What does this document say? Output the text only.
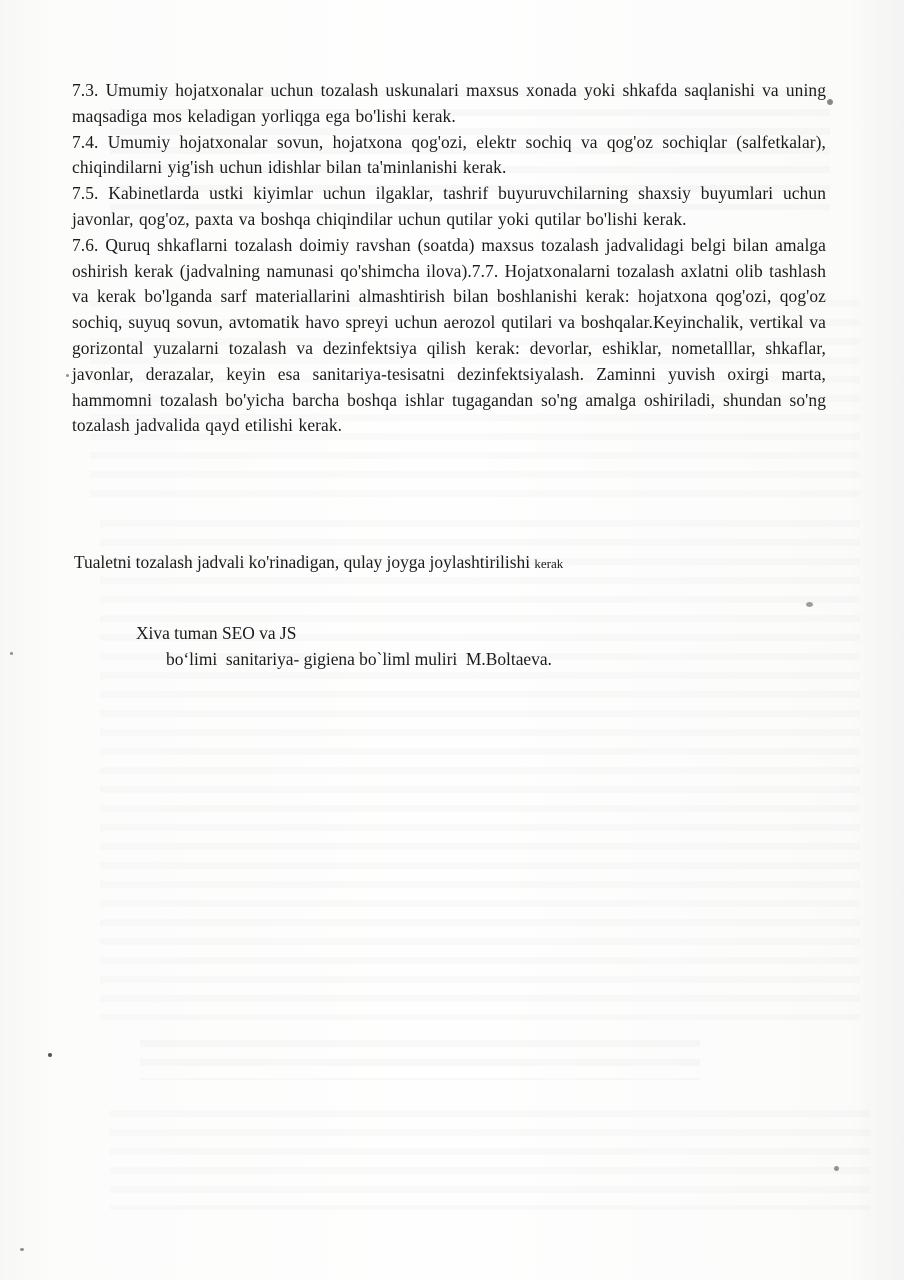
7.3. Umumiy hojatxonalar uchun tozalash uskunalari maxsus xonada yoki shkafda saqlanishi va uning maqsadiga mos keladigan yorliqga ega bo'lishi kerak.

7.4. Umumiy hojatxonalar sovun, hojatxona qog'ozi, elektr sochiq va qog'oz sochiqlar (salfetkalar), chiqindilarni yig'ish uchun idishlar bilan ta'minlanishi kerak.

7.5. Kabinetlarda ustki kiyimlar uchun ilgaklar, tashrif buyuruvchilarning shaxsiy buyumlari uchun javonlar, qog'oz, paxta va boshqa chiqindilar uchun qutilar yoki qutilar bo'lishi kerak.

7.6. Quruq shkaflarni tozalash doimiy ravshan (soatda) maxsus tozalash jadvalidagi belgi bilan amalga oshirish kerak (jadvalning namunasi qo'shimcha ilova).7.7. Hojatxonalarni tozalash axlatni olib tashlash va kerak bo'lganda sarf materiallarini almashtirish bilan boshlanishi kerak: hojatxona qog'ozi, qog'oz sochiq, suyuq sovun, avtomatik havo spreyi uchun aerozol qutilari va boshqalar.Keyinchalik, vertikal va gorizontal yuzalarni tozalash va dezinfektsiya qilish kerak: devorlar, eshiklar, nometalllar, shkaflar, javonlar, derazalar, keyin esa sanitariya-tesisatni dezinfektsiyalash. Zaminni yuvish oxirgi marta, hammomni tozalash bo'yicha barcha boshqa ishlar tugagandan so'ng amalga oshiriladi, shundan so'ng tozalash jadvalida qayd etilishi kerak.

Tualetni tozalash jadvali ko'rinadigan, qulay joyga joylashtirilishi kerak
Xiva tuman SEO va JS
bo‘limi  sanitariya- gigiena bo`liml muliri  M.Boltaeva.
